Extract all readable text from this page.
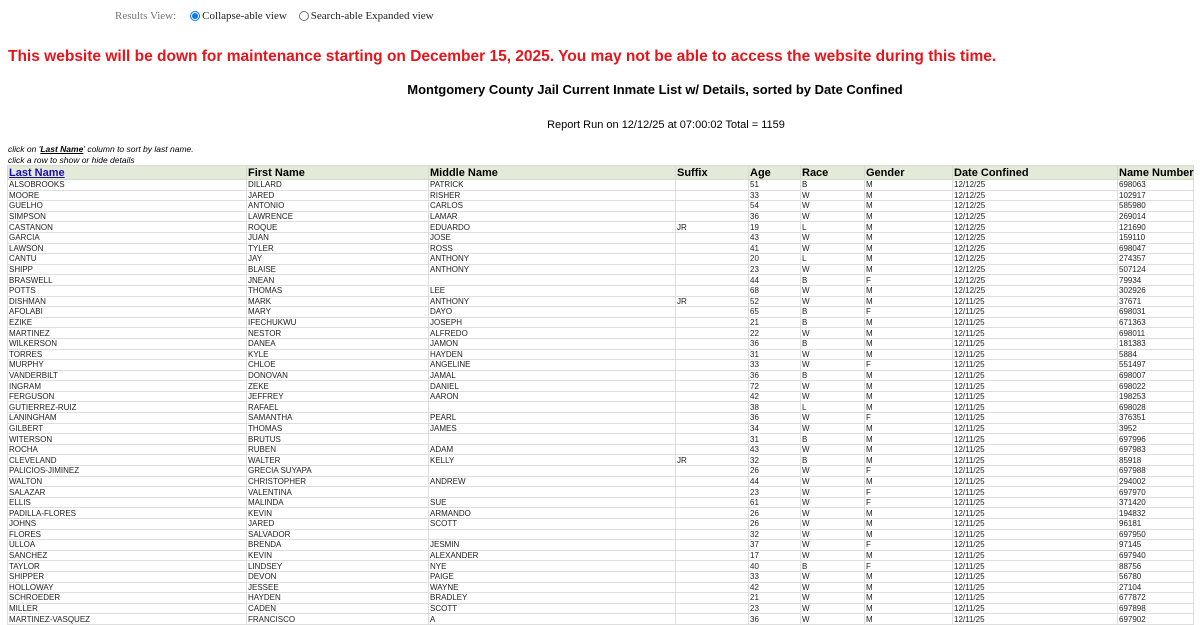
Results View: Collapse-able view Search-able Expanded view
This website will be down for maintenance starting on December 15, 2025. You may not be able to access the website during this time.
Montgomery County Jail Current Inmate List w/ Details, sorted by Date Confined
Report Run on 12/12/25 at 07:00:02 Total = 1159
click on 'Last Name' column to sort by last name.
click a row to show or hide details
Last Name	First Name	Middle Name	Suffix	Age	Race	Gender	Date Confined	Name Number
ALSOBROOKS	DILLARD	PATRICK		51	B	M	12/12/25	698063
MOORE	JARED	RISHER		33	W	M	12/12/25	102917
GUELHO	ANTONIO	CARLOS		54	W	M	12/12/25	585980
SIMPSON	LAWRENCE	LAMAR		36	W	M	12/12/25	269014
CASTANON	ROQUE	EDUARDO	JR	19	L	M	12/12/25	121690
GARCIA	JUAN	JOSE		43	W	M	12/12/25	159110
LAWSON	TYLER	ROSS		41	W	M	12/12/25	698047
CANTU	JAY	ANTHONY		20	L	M	12/12/25	274357
SHIPP	BLAISE	ANTHONY		23	W	M	12/12/25	507124
BRASWELL	JNEAN			44	B	F	12/12/25	79934
POTTS	THOMAS	LEE		68	W	M	12/12/25	302926
DISHMAN	MARK	ANTHONY	JR	52	W	M	12/11/25	37671
AFOLABI	MARY	DAYO		65	B	F	12/11/25	698031
EZIKE	IFECHUKWU	JOSEPH		21	B	M	12/11/25	671363
MARTINEZ	NESTOR	ALFREDO		22	W	M	12/11/25	698011
WILKERSON	DANEA	JAMON		36	B	M	12/11/25	181383
TORRES	KYLE	HAYDEN		31	W	M	12/11/25	5884
MURPHY	CHLOE	ANGELINE		33	W	F	12/11/25	551497
VANDERBILT	DONOVAN	JAMAL		36	B	M	12/11/25	698007
INGRAM	ZEKE	DANIEL		72	W	M	12/11/25	698022
FERGUSON	JEFFREY	AARON		42	W	M	12/11/25	198253
GUTIERREZ-RUIZ	RAFAEL			38	L	M	12/11/25	698028
LANINGHAM	SAMANTHA	PEARL		36	W	F	12/11/25	376351
GILBERT	THOMAS	JAMES		34	W	M	12/11/25	3952
WITERSON	BRUTUS			31	B	M	12/11/25	697996
ROCHA	RUBEN	ADAM		43	W	M	12/11/25	697983
CLEVELAND	WALTER	KELLY	JR	32	B	M	12/11/25	85918
PALICIOS-JIMINEZ	GRECIA SUYAPA			26	W	F	12/11/25	697988
WALTON	CHRISTOPHER	ANDREW		44	W	M	12/11/25	294002
SALAZAR	VALENTINA			23	W	F	12/11/25	697970
ELLIS	MALINDA	SUE		61	W	F	12/11/25	371420
PADILLA-FLORES	KEVIN	ARMANDO		26	W	M	12/11/25	194832
JOHNS	JARED	SCOTT		26	W	M	12/11/25	96181
FLORES	SALVADOR			32	W	M	12/11/25	697950
ULLOA	BRENDA	JESMIN		37	W	F	12/11/25	97145
SANCHEZ	KEVIN	ALEXANDER		17	W	M	12/11/25	697940
TAYLOR	LINDSEY	NYE		40	B	F	12/11/25	88756
SHIPPER	DEVON	PAIGE		33	W	M	12/11/25	56780
HOLLOWAY	JESSEE	WAYNE		42	W	M	12/11/25	27104
SCHROEDER	HAYDEN	BRADLEY		21	W	M	12/11/25	677872
MILLER	CADEN	SCOTT		23	W	M	12/11/25	697898
MARTINEZ-VASQUEZ	FRANCISCO	A		36	W	M	12/11/25	697902
